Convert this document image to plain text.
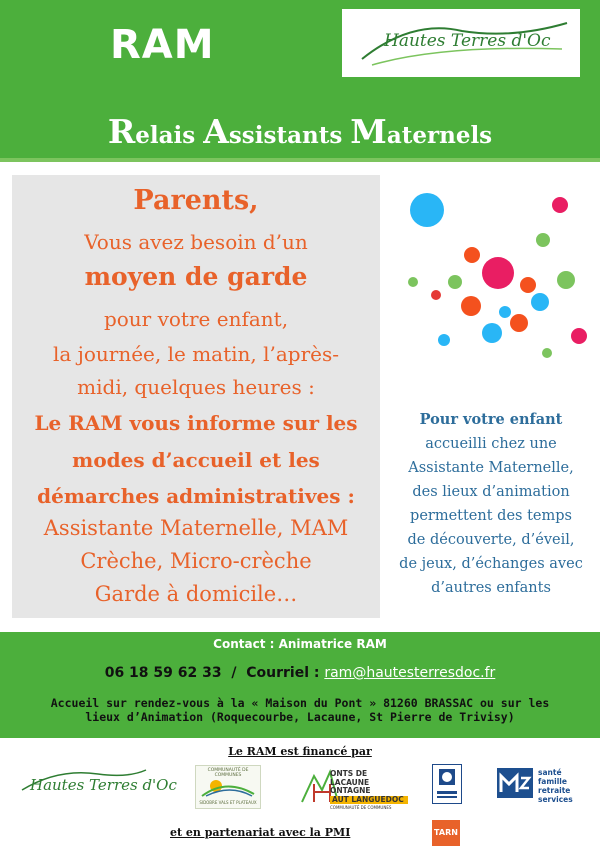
RAM	Hautes Terres d'Oc
Relais Assistants Maternels

Parents,

Vous avez besoin d’un

moyen de garde

pour votre enfant,

la journée, le matin, l’après-

midi, quelques heures :

Le RAM vous informe sur les

modes d’accueil et les

démarches administratives :

Assistante Maternelle, MAM

Crèche, Micro-crèche

Garde à domicile…

Pour votre enfant
accueilli chez une
Assistante Maternelle,
des lieux d’animation
permettent des temps
de découverte, d’éveil,
de jeux, d’échanges avec
d’autres enfants
Contact : Animatrice RAM
06 18 59 62 33  /  Courriel : ram@hautesterresdoc.fr
Accueil sur rendez-vous à la « Maison du Pont » 81260 BRASSAC ou sur les
lieux d’Animation (Roquecourbe, Lacaune, St Pierre de Trivisy)
Le RAM est financé par
Hautes Terres d'Oc
COMMUNAUTÉ DE COMMUNES
SIDOBRE VALS ET PLATEAUX
ONTS DE LACAUNE
ONTAGNE
AUT LANGUEDOC
COMMUNAUTÉ DE COMMUNES
santé
famille
retraite
services
et en partenariat avec la PMI	TARN
